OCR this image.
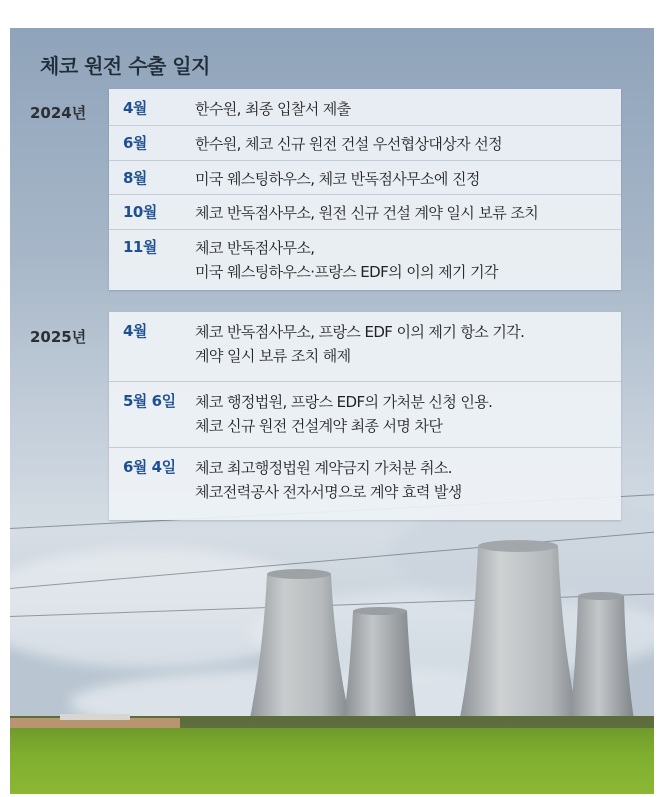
체코 원전 수출 일지
2024년	4월	한수원, 최종 입찰서 제출
6월	한수원, 체코 신규 원전 건설 우선협상대상자 선정
8월	미국 웨스팅하우스, 체코 반독점사무소에 진정
10월	체코 반독점사무소, 원전 신규 건설 계약 일시 보류 조치
11월	체코 반독점사무소,
미국 웨스팅하우스·프랑스 EDF의 이의 제기 기각
2025년	4월	체코 반독점사무소, 프랑스 EDF 이의 제기 항소 기각.
계약 일시 보류 조치 해제
5월 6일	체코 행정법원, 프랑스 EDF의 가처분 신청 인용.
체코 신규 원전 건설계약 최종 서명 차단
6월 4일	체코 최고행정법원 계약금지 가처분 취소.
체코전력공사 전자서명으로 계약 효력 발생
